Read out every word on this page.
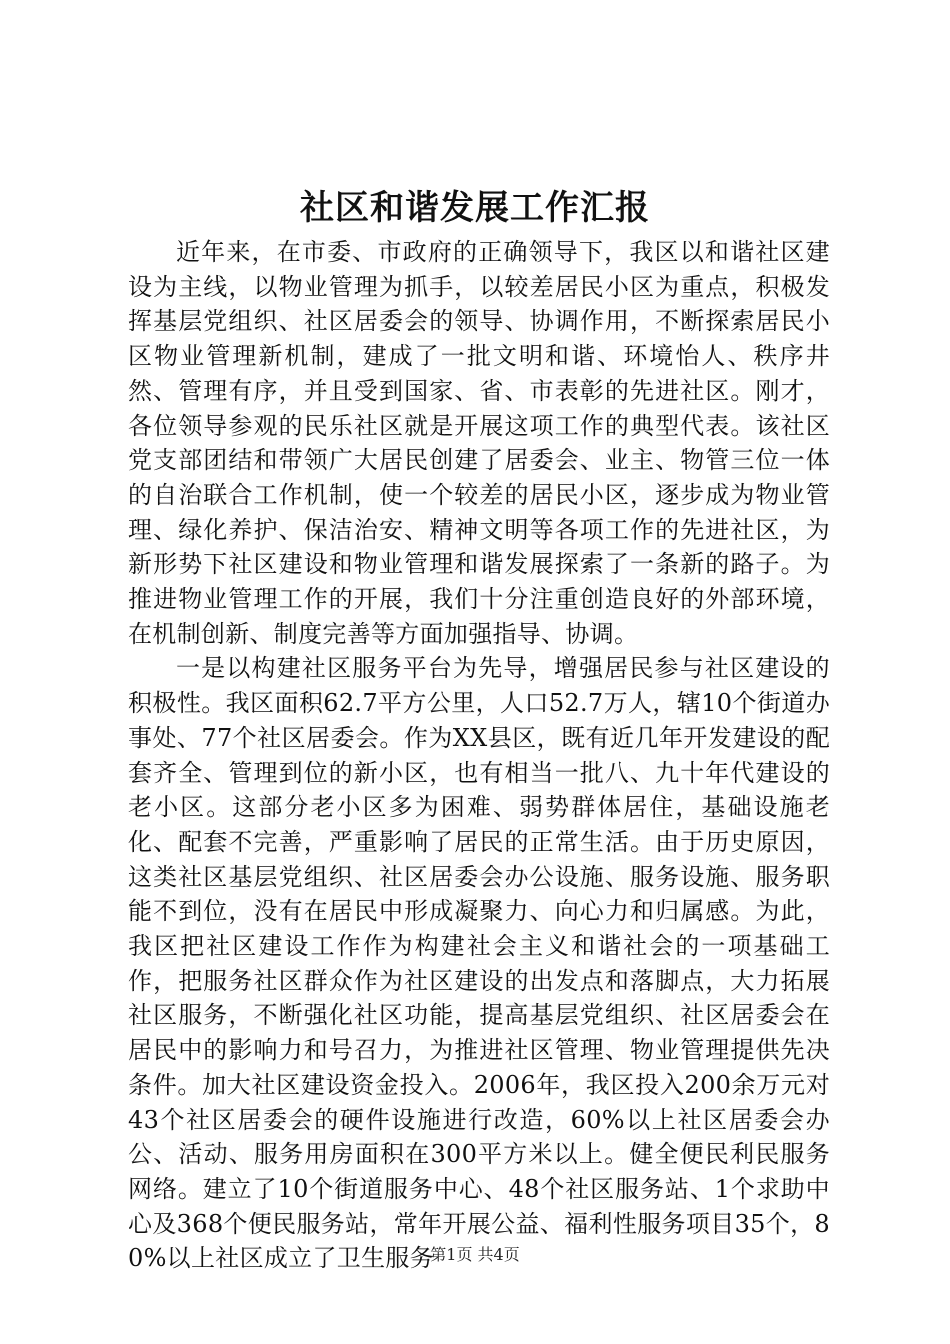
社区和谐发展工作汇报

近年来，在市委、市政府的正确领导下，我区以和谐社区建设为主线，以物业管理为抓手，以较差居民小区为重点，积极发挥基层党组织、社区居委会的领导、协调作用，不断探索居民小区物业管理新机制，建成了一批文明和谐、环境怡人、秩序井然、管理有序，并且受到国家、省、市表彰的先进社区。刚才，各位领导参观的民乐社区就是开展这项工作的典型代表。该社区党支部团结和带领广大居民创建了居委会、业主、物管三位一体的自治联合工作机制，使一个较差的居民小区，逐步成为物业管理、绿化养护、保洁治安、精神文明等各项工作的先进社区，为新形势下社区建设和物业管理和谐发展探索了一条新的路子。为推进物业管理工作的开展，我们十分注重创造良好的外部环境，在机制创新、制度完善等方面加强指导、协调。

一是以构建社区服务平台为先导，增强居民参与社区建设的积极性。我区面积62.7平方公里，人口52.7万人，辖10个街道办事处、77个社区居委会。作为XX县区，既有近几年开发建设的配套齐全、管理到位的新小区，也有相当一批八、九十年代建设的老小区。这部分老小区多为困难、弱势群体居住，基础设施老化、配套不完善，严重影响了居民的正常生活。由于历史原因，这类社区基层党组织、社区居委会办公设施、服务设施、服务职能不到位，没有在居民中形成凝聚力、向心力和归属感。为此，我区把社区建设工作作为构建社会主义和谐社会的一项基础工作，把服务社区群众作为社区建设的出发点和落脚点，大力拓展社区服务，不断强化社区功能，提高基层党组织、社区居委会在居民中的影响力和号召力，为推进社区管理、物业管理提供先决条件。加大社区建设资金投入。2006年，我区投入200余万元对43个社区居委会的硬件设施进行改造，60%以上社区居委会办公、活动、服务用房面积在300平方米以上。健全便民利民服务网络。建立了10个街道服务中心、48个社区服务站、1个求助中心及368个便民服务站，常年开展公益、福利性服务项目35个，80%以上社区成立了卫生服务

第1页 共4页
